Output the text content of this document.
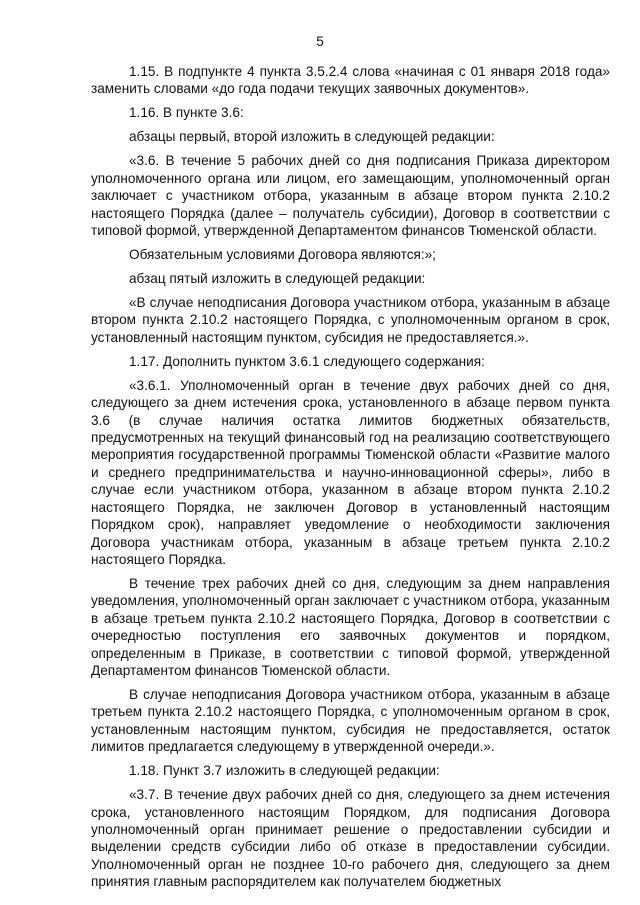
5

1.15. В подпункте 4 пункта 3.5.2.4 слова «начиная с 01 января 2018 года» заменить словами «до года подачи текущих заявочных документов».

1.16. В пункте 3.6:

абзацы первый, второй изложить в следующей редакции:

«3.6. В течение 5 рабочих дней со дня подписания Приказа директором уполномоченного органа или лицом, его замещающим, уполномоченный орган заключает с участником отбора, указанным в абзаце втором пункта 2.10.2 настоящего Порядка (далее – получатель субсидии), Договор в соответствии с типовой формой, утвержденной Департаментом финансов Тюменской области.

Обязательным условиями Договора являются:»;

абзац пятый изложить в следующей редакции:

«В случае неподписания Договора участником отбора, указанным в абзаце втором пункта 2.10.2 настоящего Порядка, с уполномоченным органом в срок, установленный настоящим пунктом, субсидия не предоставляется.».

1.17. Дополнить пунктом 3.6.1 следующего содержания:

«3.6.1. Уполномоченный орган в течение двух рабочих дней со дня, следующего за днем истечения срока, установленного в абзаце первом пункта 3.6 (в случае наличия остатка лимитов бюджетных обязательств, предусмотренных на текущий финансовый год на реализацию соответствующего мероприятия государственной программы Тюменской области «Развитие малого и среднего предпринимательства и научно-инновационной сферы», либо в случае если участником отбора, указанном в абзаце втором пункта 2.10.2 настоящего Порядка, не заключен Договор в установленный настоящим Порядком срок), направляет уведомление о необходимости заключения Договора участникам отбора, указанным в абзаце третьем пункта 2.10.2 настоящего Порядка.

В течение трех рабочих дней со дня, следующим за днем направления уведомления, уполномоченный орган заключает с участником отбора, указанным в абзаце третьем пункта 2.10.2 настоящего Порядка, Договор в соответствии с очередностью поступления его заявочных документов и порядком, определенным в Приказе, в соответствии с типовой формой, утвержденной Департаментом финансов Тюменской области.

В случае неподписания Договора участником отбора, указанным в абзаце третьем пункта 2.10.2 настоящего Порядка, с уполномоченным органом в срок, установленным настоящим пунктом, субсидия не предоставляется, остаток лимитов предлагается следующему в утвержденной очереди.».

1.18. Пункт 3.7 изложить в следующей редакции:

«3.7. В течение двух рабочих дней со дня, следующего за днем истечения срока, установленного настоящим Порядком, для подписания Договора уполномоченный орган принимает решение о предоставлении субсидии и выделении средств субсидии либо об отказе в предоставлении субсидии. Уполномоченный орган не позднее 10-го рабочего дня, следующего за днем принятия главным распорядителем как получателем бюджетных
